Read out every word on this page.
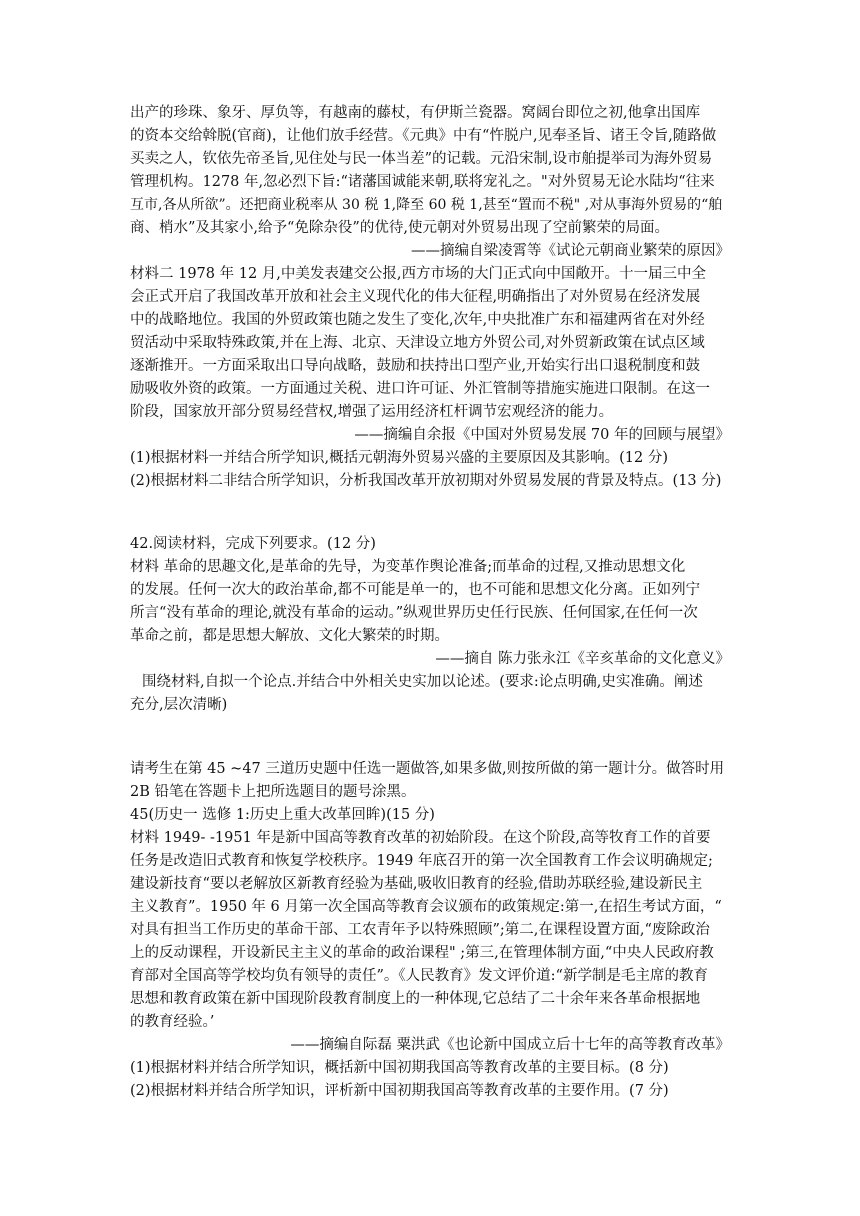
出产的珍珠、象牙、厚负等，有越南的藤杖，有伊斯兰瓷器。窝阔台即位之初,他拿出国库
的资本交给斡脱(官商)，让他们放手经营。《元典》中有“忤脱户,见奉圣旨、诸王令旨,随路做
买卖之人，钦依先帝圣旨,见住处与民一体当差”的记载。元沿宋制,设市舶提举司为海外贸易
管理机构。1278 年,忽必烈下旨:“诸藩国诚能来朝,联将宠礼之。"对外贸易无论水陆均“往来
互市,各从所欲”。还把商业税率从 30 税 1,降至 60 税 1,甚至“置而不税" ,对从事海外贸易的“舶
商、梢水”及其家小,给予“免除杂役”的优待,使元朝对外贸易出现了空前繁荣的局面。
——摘编自梁凌霄等《试论元朝商业繁荣的原因》
材料二 1978 年 12 月,中美发表建交公报,西方市场的大门正式向中国敞开。十一届三中全
会正式开启了我国改革开放和社会主义现代化的伟大征程,明确指出了对外贸易在经济发展
中的战略地位。我国的外贸政策也随之发生了变化,次年,中央批准广东和福建两省在对外经
贸活动中采取特殊政策,并在上海、北京、天津设立地方外贸公司,对外贸新政策在试点区域
逐渐推开。一方面采取出口导向战略，鼓励和扶持出口型产业,开始实行出口退税制度和鼓
励吸收外资的政策。一方面通过关税、进口许可证、外汇管制等措施实施进口限制。在这一
阶段，国家放开部分贸易经营权,增强了运用经济杠杆调节宏观经济的能力。
——摘编自余报《中国对外贸易发展 70 年的回顾与展望》
(1)根据材料一并结合所学知识,概括元朝海外贸易兴盛的主要原因及其影响。(12 分)
(2)根据材料二非结合所学知识，分析我国改革开放初期对外贸易发展的背景及特点。(13 分)
42.阅读材料，完成下列要求。(12 分)
材料 革命的思趣文化,是革命的先导，为变革作舆论准备;而革命的过程,又推动思想文化
的发展。任何一次大的政治革命,都不可能是单一的，也不可能和思想文化分离。正如列宁
所言“没有革命的理论,就没有革命的运动。”纵观世界历史任行民族、任何国家,在任何一次
革命之前，都是思想大解放、文化大繁荣的时期。
——摘自 陈力张永江《辛亥革命的文化意义》
围绕材料,自拟一个论点.并结合中外相关史实加以论述。(要求:论点明确,史实准确。阐述
充分,层次清晰)
请考生在第 45 ~47 三道历史题中任选一题做答,如果多做,则按所做的第一题计分。做答时用
2B 铅笔在答题卡上把所选题目的题号涂黑。
45(历史一 选修 1:历史上重大改革回眸)(15 分)
材料 1949- -1951 年是新中国高等教育改革的初始阶段。在这个阶段,高等牧育工作的首要
任务是改造旧式教育和恢复学校秩序。1949 年底召开的第一次全国教育工作会议明确规定;
建设新技育“要以老解放区新教育经验为基础,吸收旧教育的经验,借助苏联经验,建设新民主
主义教育”。1950 年 6 月第一次全国高等教育会议颁布的政策规定:第一,在招生考试方面，“
对具有担当工作历史的革命干部、工农青年予以特殊照顾”;第二,在课程设置方面,“废除政治
上的反动课程，开设新民主主义的革命的政治课程" ;第三,在管理体制方面,“中央人民政府教
育部对全国高等学校均负有领导的责任”。《人民教育》发文评价道:“新学制是毛主席的教育
思想和教育政策在新中国现阶段教育制度上的一种体现,它总结了二十余年来各革命根据地
的教育经验。’
——摘编自际磊 粟洪武《也论新中国成立后十七年的高等教育改革》
(1)根据材料并结合所学知识，概括新中国初期我国高等教育改革的主要目标。(8 分)
(2)根据材料并结合所学知识，评析新中国初期我国高等教育改革的主要作用。(7 分)
